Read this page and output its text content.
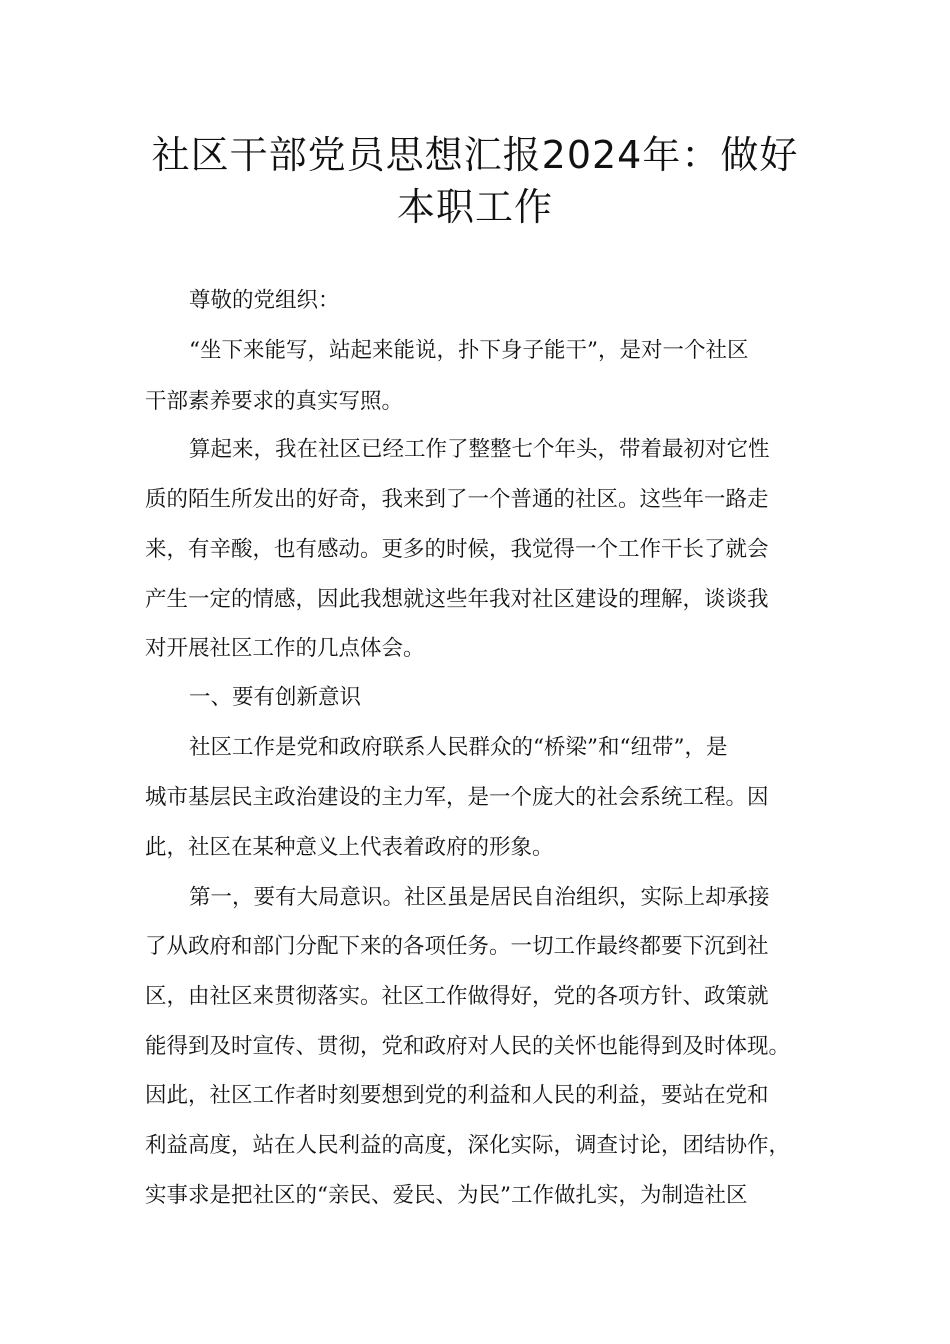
社区干部党员思想汇报2024年：做好
本职工作
尊敬的党组织：
“坐下来能写，站起来能说，扑下身子能干”，是对一个社区
干部素养要求的真实写照。
算起来，我在社区已经工作了整整七个年头，带着最初对它性
质的陌生所发出的好奇，我来到了一个普通的社区。这些年一路走
来，有辛酸，也有感动。更多的时候，我觉得一个工作干长了就会
产生一定的情感，因此我想就这些年我对社区建设的理解，谈谈我
对开展社区工作的几点体会。
一、要有创新意识
社区工作是党和政府联系人民群众的“桥梁”和“纽带”，是
城市基层民主政治建设的主力军，是一个庞大的社会系统工程。因
此，社区在某种意义上代表着政府的形象。
第一，要有大局意识。社区虽是居民自治组织，实际上却承接
了从政府和部门分配下来的各项任务。一切工作最终都要下沉到社
区，由社区来贯彻落实。社区工作做得好，党的各项方针、政策就
能得到及时宣传、贯彻，党和政府对人民的关怀也能得到及时体现。
因此，社区工作者时刻要想到党的利益和人民的利益，要站在党和
利益高度，站在人民利益的高度，深化实际，调查讨论，团结协作，
实事求是把社区的“亲民、爱民、为民”工作做扎实，为制造社区
